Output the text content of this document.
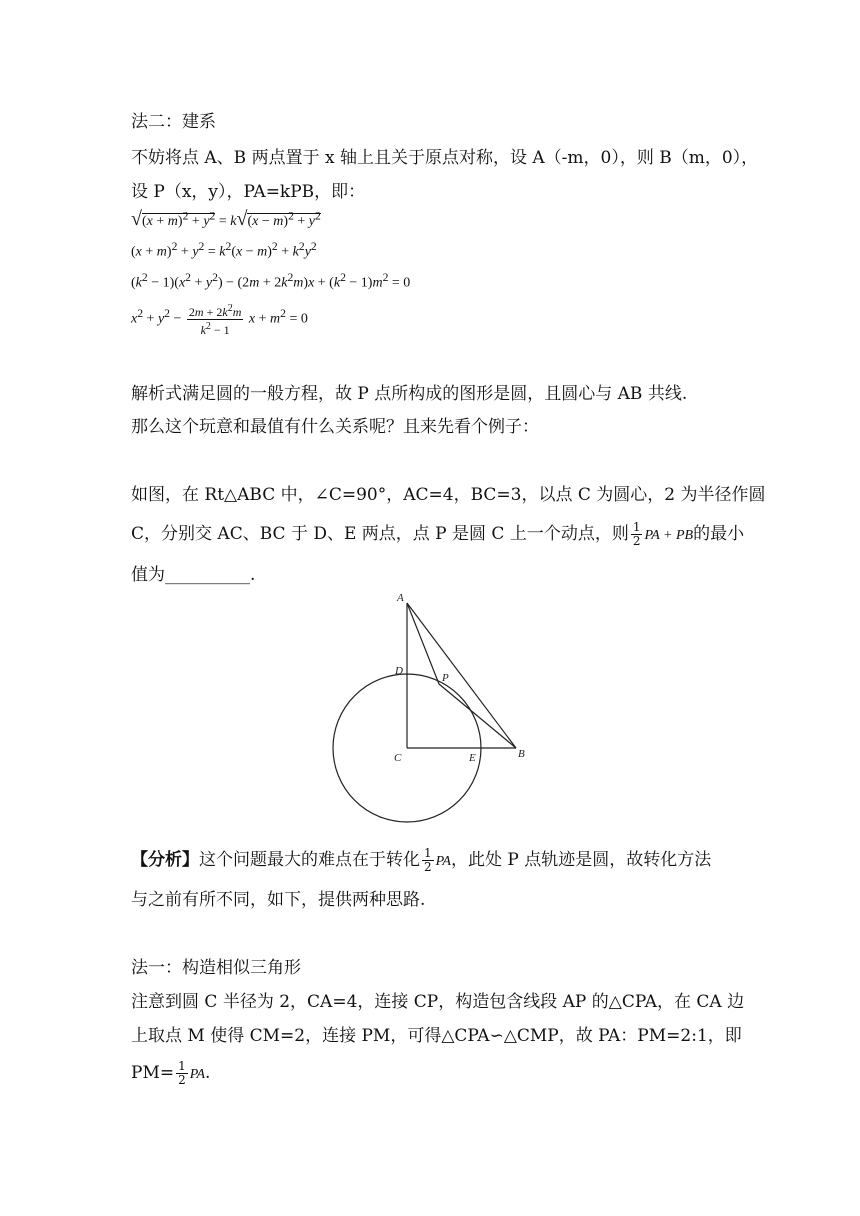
法二：建系
不妨将点 A、B 两点置于 x 轴上且关于原点对称，设 A（-m，0），则 B（m，0），
设 P（x，y），PA=kPB，即：
$√(x + m)^2 + y^2 = k√(x - m)^2 + y^2$
$(x + m)^2 + y^2 = k^2(x - m)^2 + k^2y^2$
$(k^2 - 1)(x^2 + y^2) - (2m + 2k^2m)x + (k^2 - 1)m^2 = 0$
$x^2 + y^2 - \frac{2m + 2k^2m}{k^2 - 1}$ $x + m^2 = 0$
解析式满足圆的一般方程，故 P 点所构成的图形是圆，且圆心与 AB 共线.
那么这个玩意和最值有什么关系呢？且来先看个例子：
如图，在 Rt△ABC 中，∠C=90°，AC=4，BC=3，以点 C 为圆心，2 为半径作圆
C，分别交 AC、BC 于 D、E 两点，点 P 是圆 C 上一个动点，则 $\frac{1}{2}$ PA + PB的最小
值为__________.
A
D
P
C	E	B
【分析】这个问题最大的难点在于转化 $\frac{1}{2}$ PA，此处 P 点轨迹是圆，故转化方法
与之前有所不同，如下，提供两种思路.
法一：构造相似三角形
注意到圆 C 半径为 2，CA=4，连接 CP，构造包含线段 AP 的△CPA，在 CA 边
上取点 M 使得 CM=2，连接 PM，可得△CPA∽△CMP，故 PA：PM=2:1，即
$PM= \frac{1}{2}$ PA.
